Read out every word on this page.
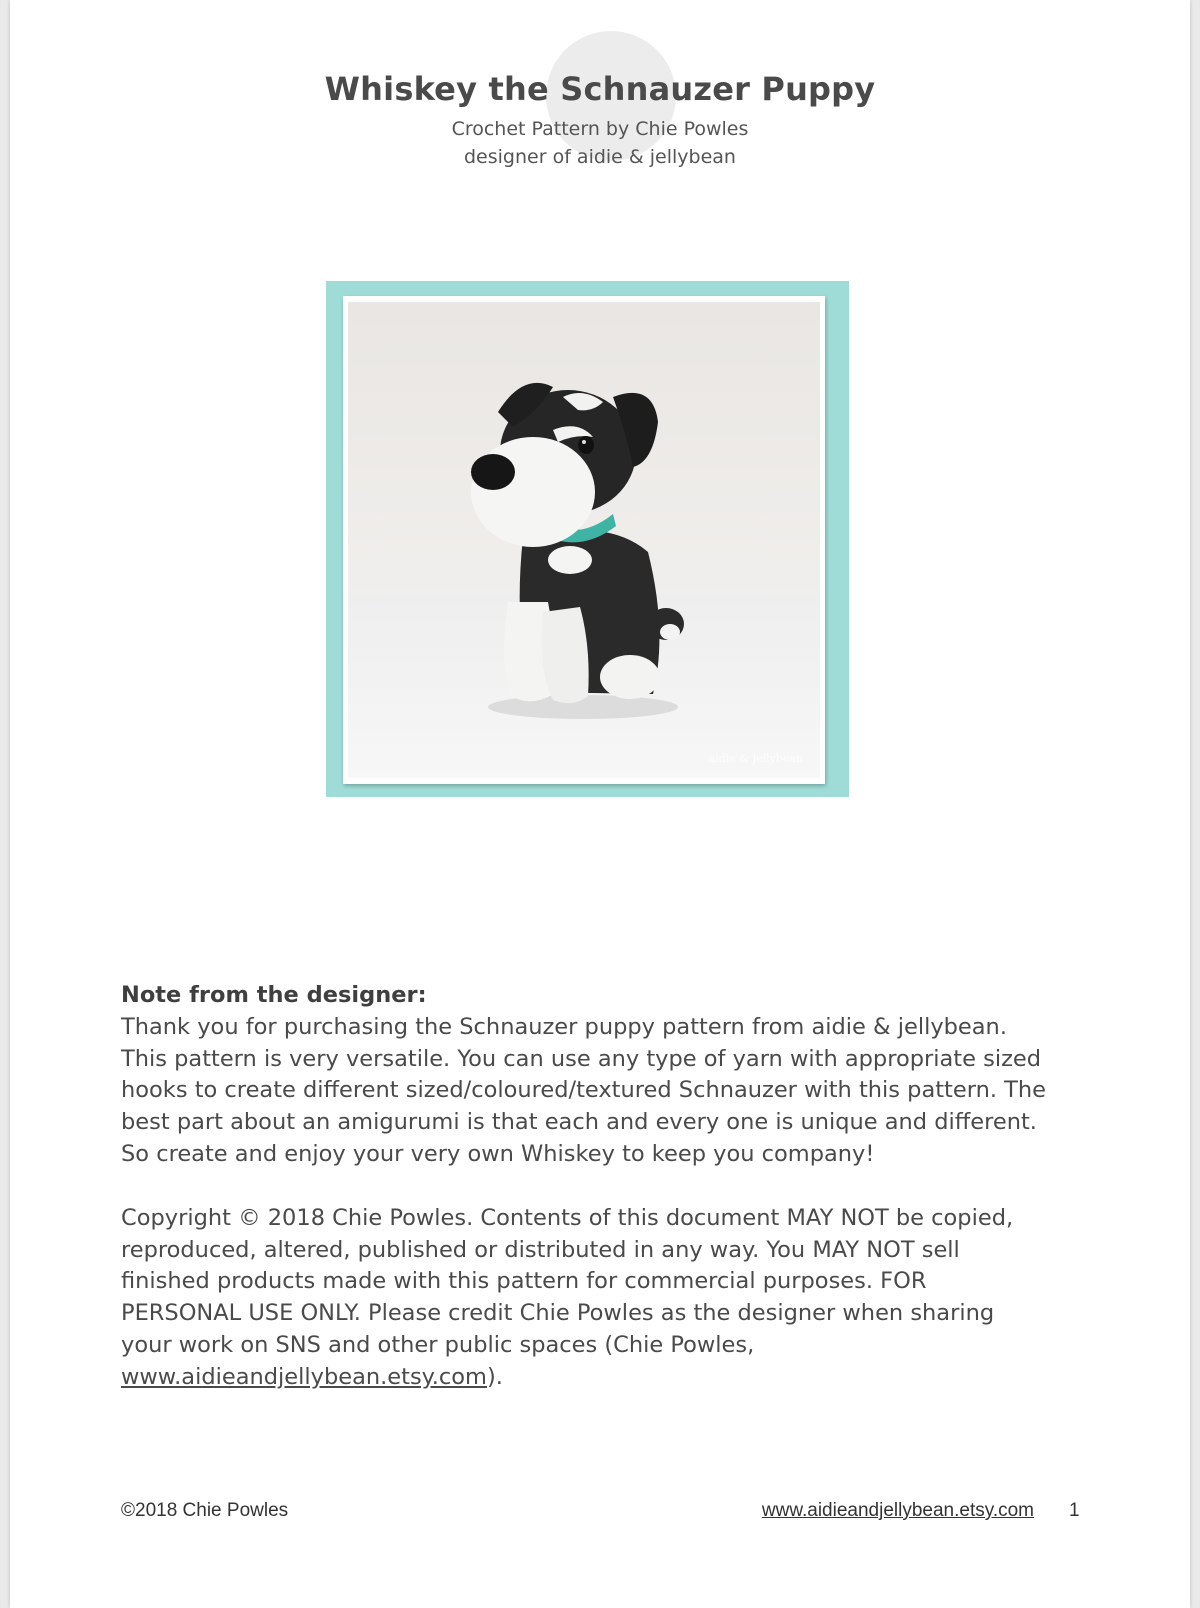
Whiskey the Schnauzer Puppy
Crochet Pattern by Chie Powles
designer of aidie & jellybean
aidie & jellybean
Note from the designer:

Thank you for purchasing the Schnauzer puppy pattern from aidie & jellybean. This pattern is very versatile. You can use any type of yarn with appropriate sized hooks to create different sized/coloured/textured Schnauzer with this pattern. The best part about an amigurumi is that each and every one is unique and different. So create and enjoy your very own Whiskey to keep you company!

Copyright © 2018 Chie Powles. Contents of this document MAY NOT be copied, reproduced, altered, published or distributed in any way. You MAY NOT sell finished products made with this pattern for commercial purposes. FOR PERSONAL USE ONLY. Please credit Chie Powles as the designer when sharing your work on SNS and other public spaces (Chie Powles, www.aidieandjellybean.etsy.com).

©2018 Chie Powles	www.aidieandjellybean.etsy.com 1
